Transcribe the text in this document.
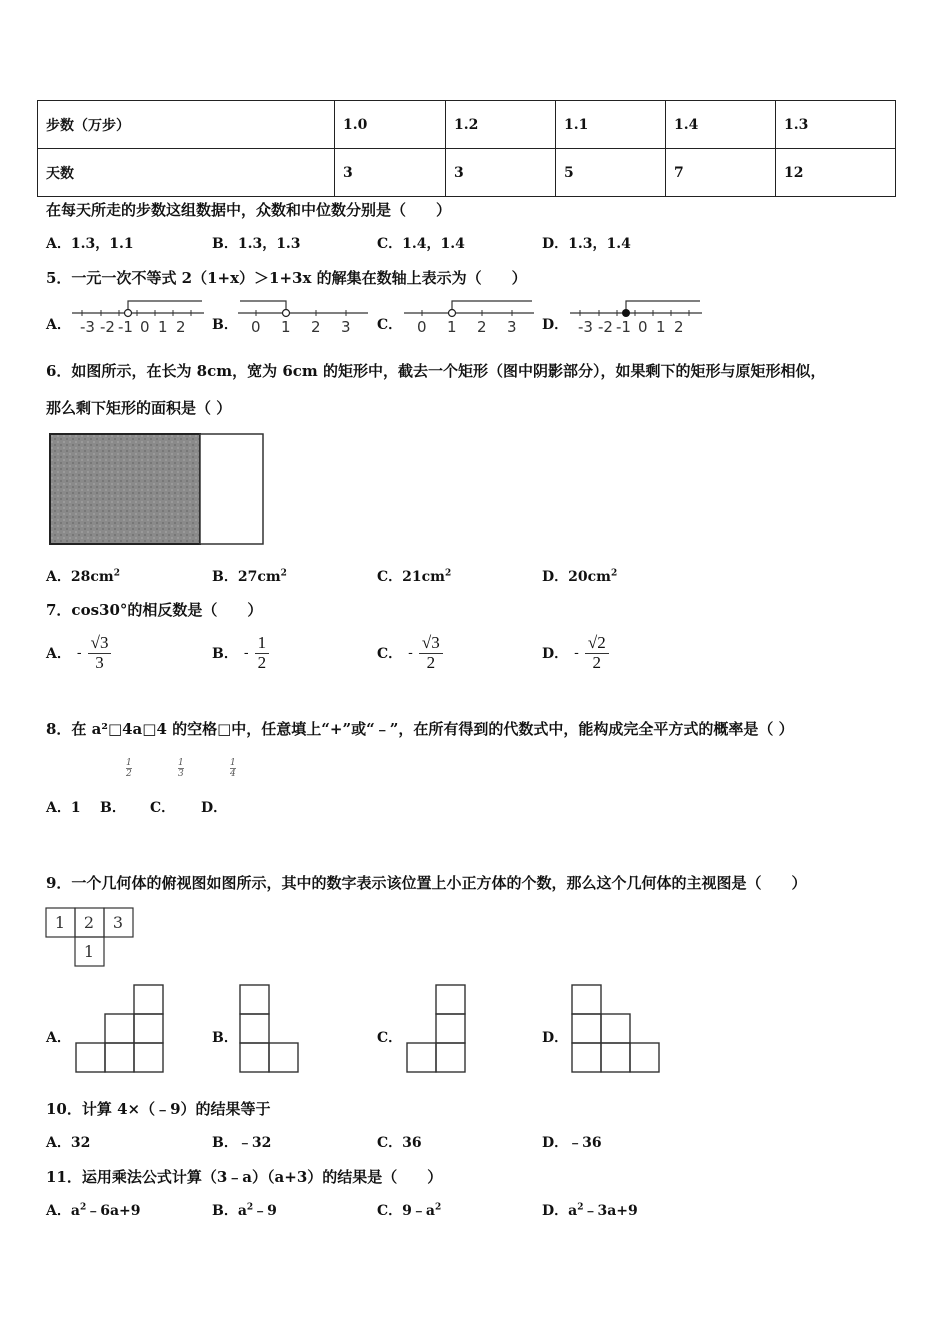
步数（万步）	1.0	1.2	1.1	1.4	1.3
天数	3	3	5	7	12
在每天所走的步数这组数据中，众数和中位数分别是（　　）
A．1.3，1.1	B．1.3，1.3	C．1.4，1.4	D．1.3，1.4
5．一元一次不等式 2（1+x）＞1+3x 的解集在数轴上表示为（　　）
A． -3 -2 -1 0 1 2 B． 0 1 2 3 C． 0 1 2 3 D． -3 -2 -1 0 1 2
6．如图所示，在长为 8cm，宽为 6cm 的矩形中，截去一个矩形（图中阴影部分），如果剩下的矩形与原矩形相似，
那么剩下矩形的面积是（ ）
A．$28cm^2$	B．$27cm^2$	C．$21cm^2$	D．$20cm^2$
7．cos30°的相反数是（　　）
A． - $\frac{√3}{3}$	B． - $\frac{1}{2}$	C． - $\frac{√3}{2}$	D． - $\frac{√2}{2}$
8．在 a²□4a□4 的空格□中，任意填上“+”或“﹣”，在所有得到的代数式中，能构成完全平方式的概率是（ ）
$\frac{1}{2}$	$\frac{1}{3}$	$\frac{1}{4}$
A．1 B． C． D．
9．一个几何体的俯视图如图所示，其中的数字表示该位置上小正方体的个数，那么这个几何体的主视图是（　　）
1 2 3
1
A．	B．	C．	D．
10．计算 4×（﹣9）的结果等于
A．32	B．﹣32	C．36	D．﹣36
11．运用乘法公式计算（3﹣a）（a+3）的结果是（　　）
A．$a^2﹣6a+9$	B．$a^2﹣9$	C．$9﹣a^2$	D．$a^2﹣3a+9$
